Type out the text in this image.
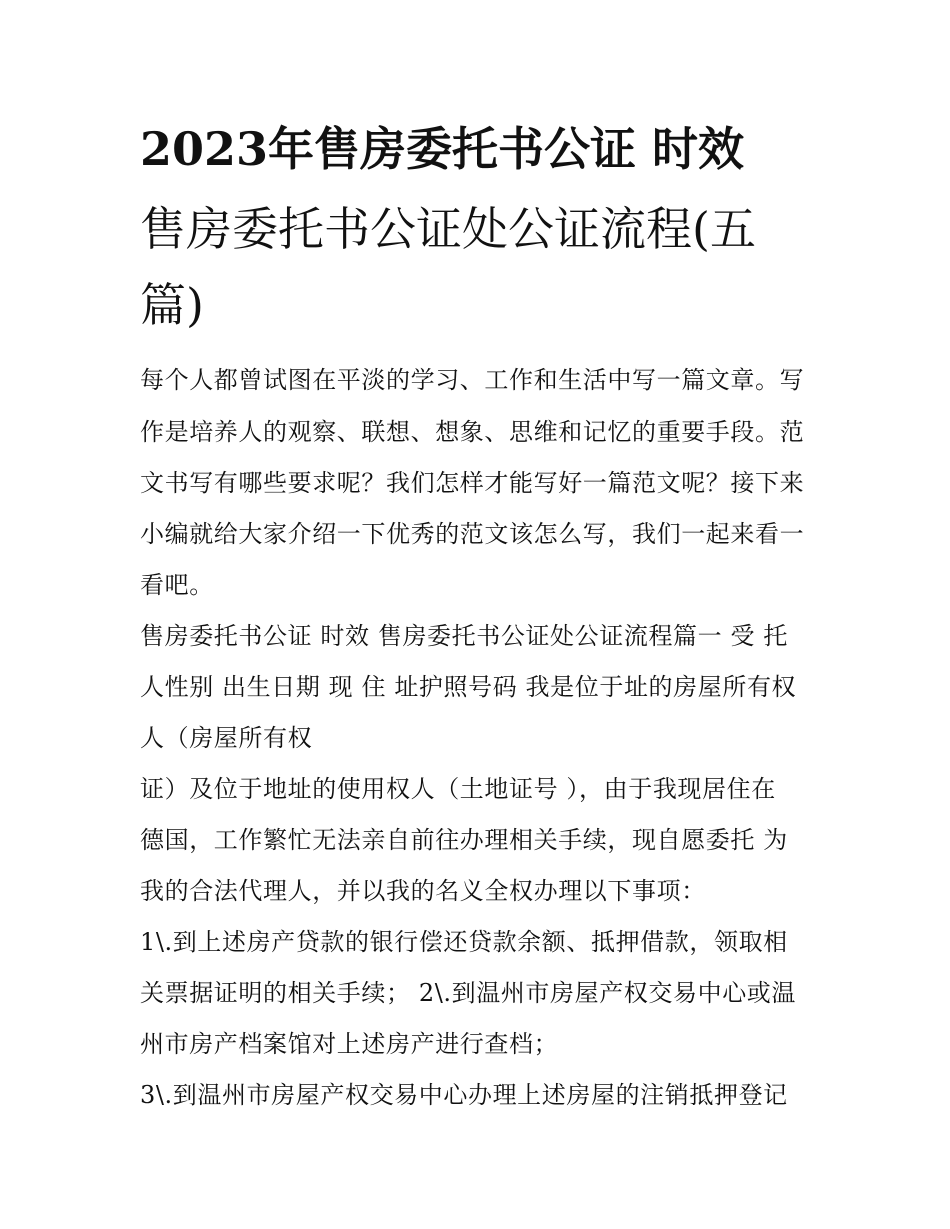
2023年售房委托书公证 时效
售房委托书公证处公证流程(五
篇)
每个人都曾试图在平淡的学习、工作和生活中写一篇文章。写
作是培养人的观察、联想、想象、思维和记忆的重要手段。范
文书写有哪些要求呢？我们怎样才能写好一篇范文呢？接下来
小编就给大家介绍一下优秀的范文该怎么写，我们一起来看一
看吧。
售房委托书公证 时效 售房委托书公证处公证流程篇一 受 托
人性别 出生日期 现 住 址护照号码 我是位于址的房屋所有权
人（房屋所有权
证）及位于地址的使用权人（土地证号 ），由于我现居住在
德国，工作繁忙无法亲自前往办理相关手续，现自愿委托 为
我的合法代理人，并以我的名义全权办理以下事项：
1\.到上述房产贷款的银行偿还贷款余额、抵押借款，领取相
关票据证明的相关手续； 2\.到温州市房屋产权交易中心或温
州市房产档案馆对上述房产进行查档；
3\.到温州市房屋产权交易中心办理上述房屋的注销抵押登记
